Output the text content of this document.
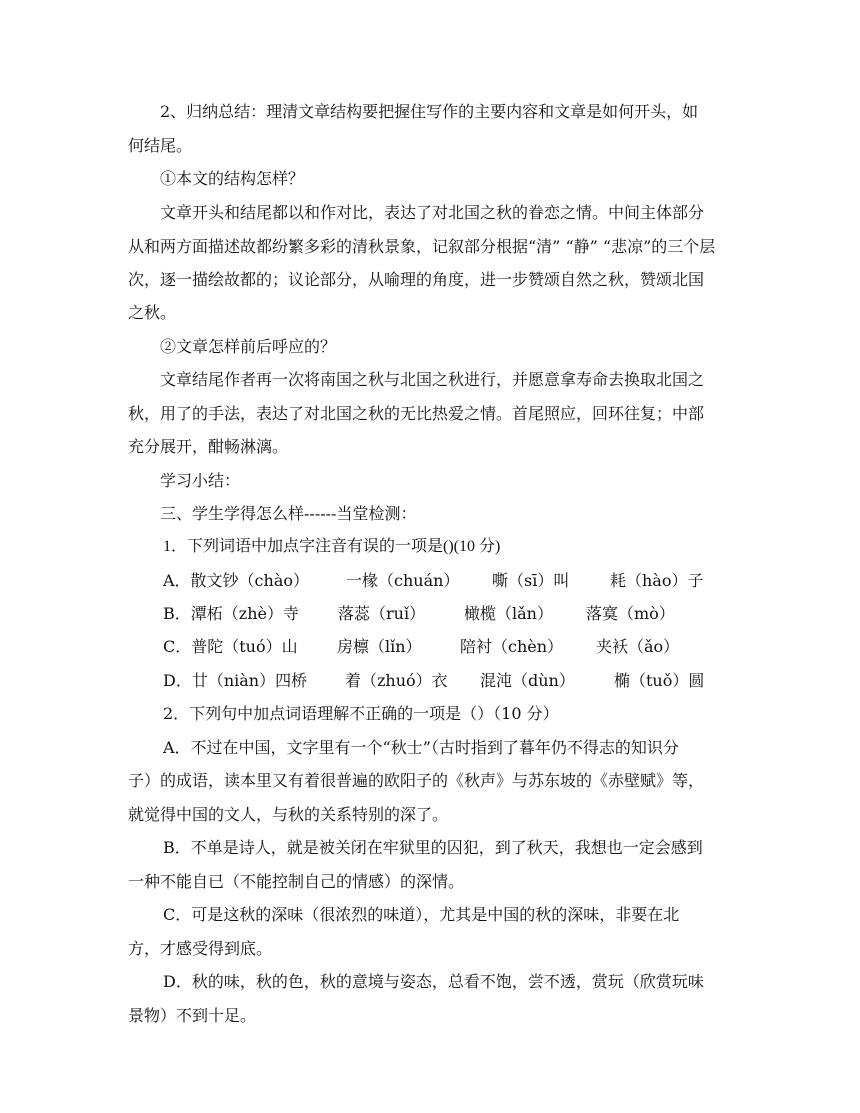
2、归纳总结：理清文章结构要把握住写作的主要内容和文章是如何开头，如
何结尾。
①本文的结构怎样？
文章开头和结尾都以和作对比，表达了对北国之秋的眷恋之情。中间主体部分
从和两方面描述故都纷繁多彩的清秋景象，记叙部分根据“清” “静” “悲凉”的三个层
次，逐一描绘故都的；议论部分，从喻理的角度，进一步赞颂自然之秋，赞颂北国
之秋。
②文章怎样前后呼应的？
文章结尾作者再一次将南国之秋与北国之秋进行，并愿意拿寿命去换取北国之
秋，用了的手法，表达了对北国之秋的无比热爱之情。首尾照应，回环往复；中部
充分展开，酣畅淋漓。
学习小结：
三、学生学得怎么样------当堂检测：
1．下列词语中加点字注音有误的一项是()(10 分)
A．散文钞（chào） 一椽（chuán） 嘶（sī）叫	耗（hào）子
B．潭柘（zhè）寺 落蕊（ruǐ） 橄榄（lǎn） 落寞（mò）
C．普陀（tuó）山 房檩（lǐn） 陪衬（chèn） 夹袄（ǎo）
D．廿（niàn）四桥 着（zhuó）衣 混沌（dùn） 椭（tuǒ）圆
2．下列句中加点词语理解不正确的一项是（）（10 分）
A．不过在中国，文字里有一个“秋士”（古时指到了暮年仍不得志的知识分
子）的成语，读本里又有着很普遍的欧阳子的《秋声》与苏东坡的《赤壁赋》等，
就觉得中国的文人，与秋的关系特别的深了。
B．不单是诗人，就是被关闭在牢狱里的囚犯，到了秋天，我想也一定会感到
一种不能自已（不能控制自己的情感）的深情。
C．可是这秋的深味（很浓烈的味道），尤其是中国的秋的深味，非要在北
方，才感受得到底。
D．秋的味，秋的色，秋的意境与姿态，总看不饱，尝不透，赏玩（欣赏玩味
景物）不到十足。
